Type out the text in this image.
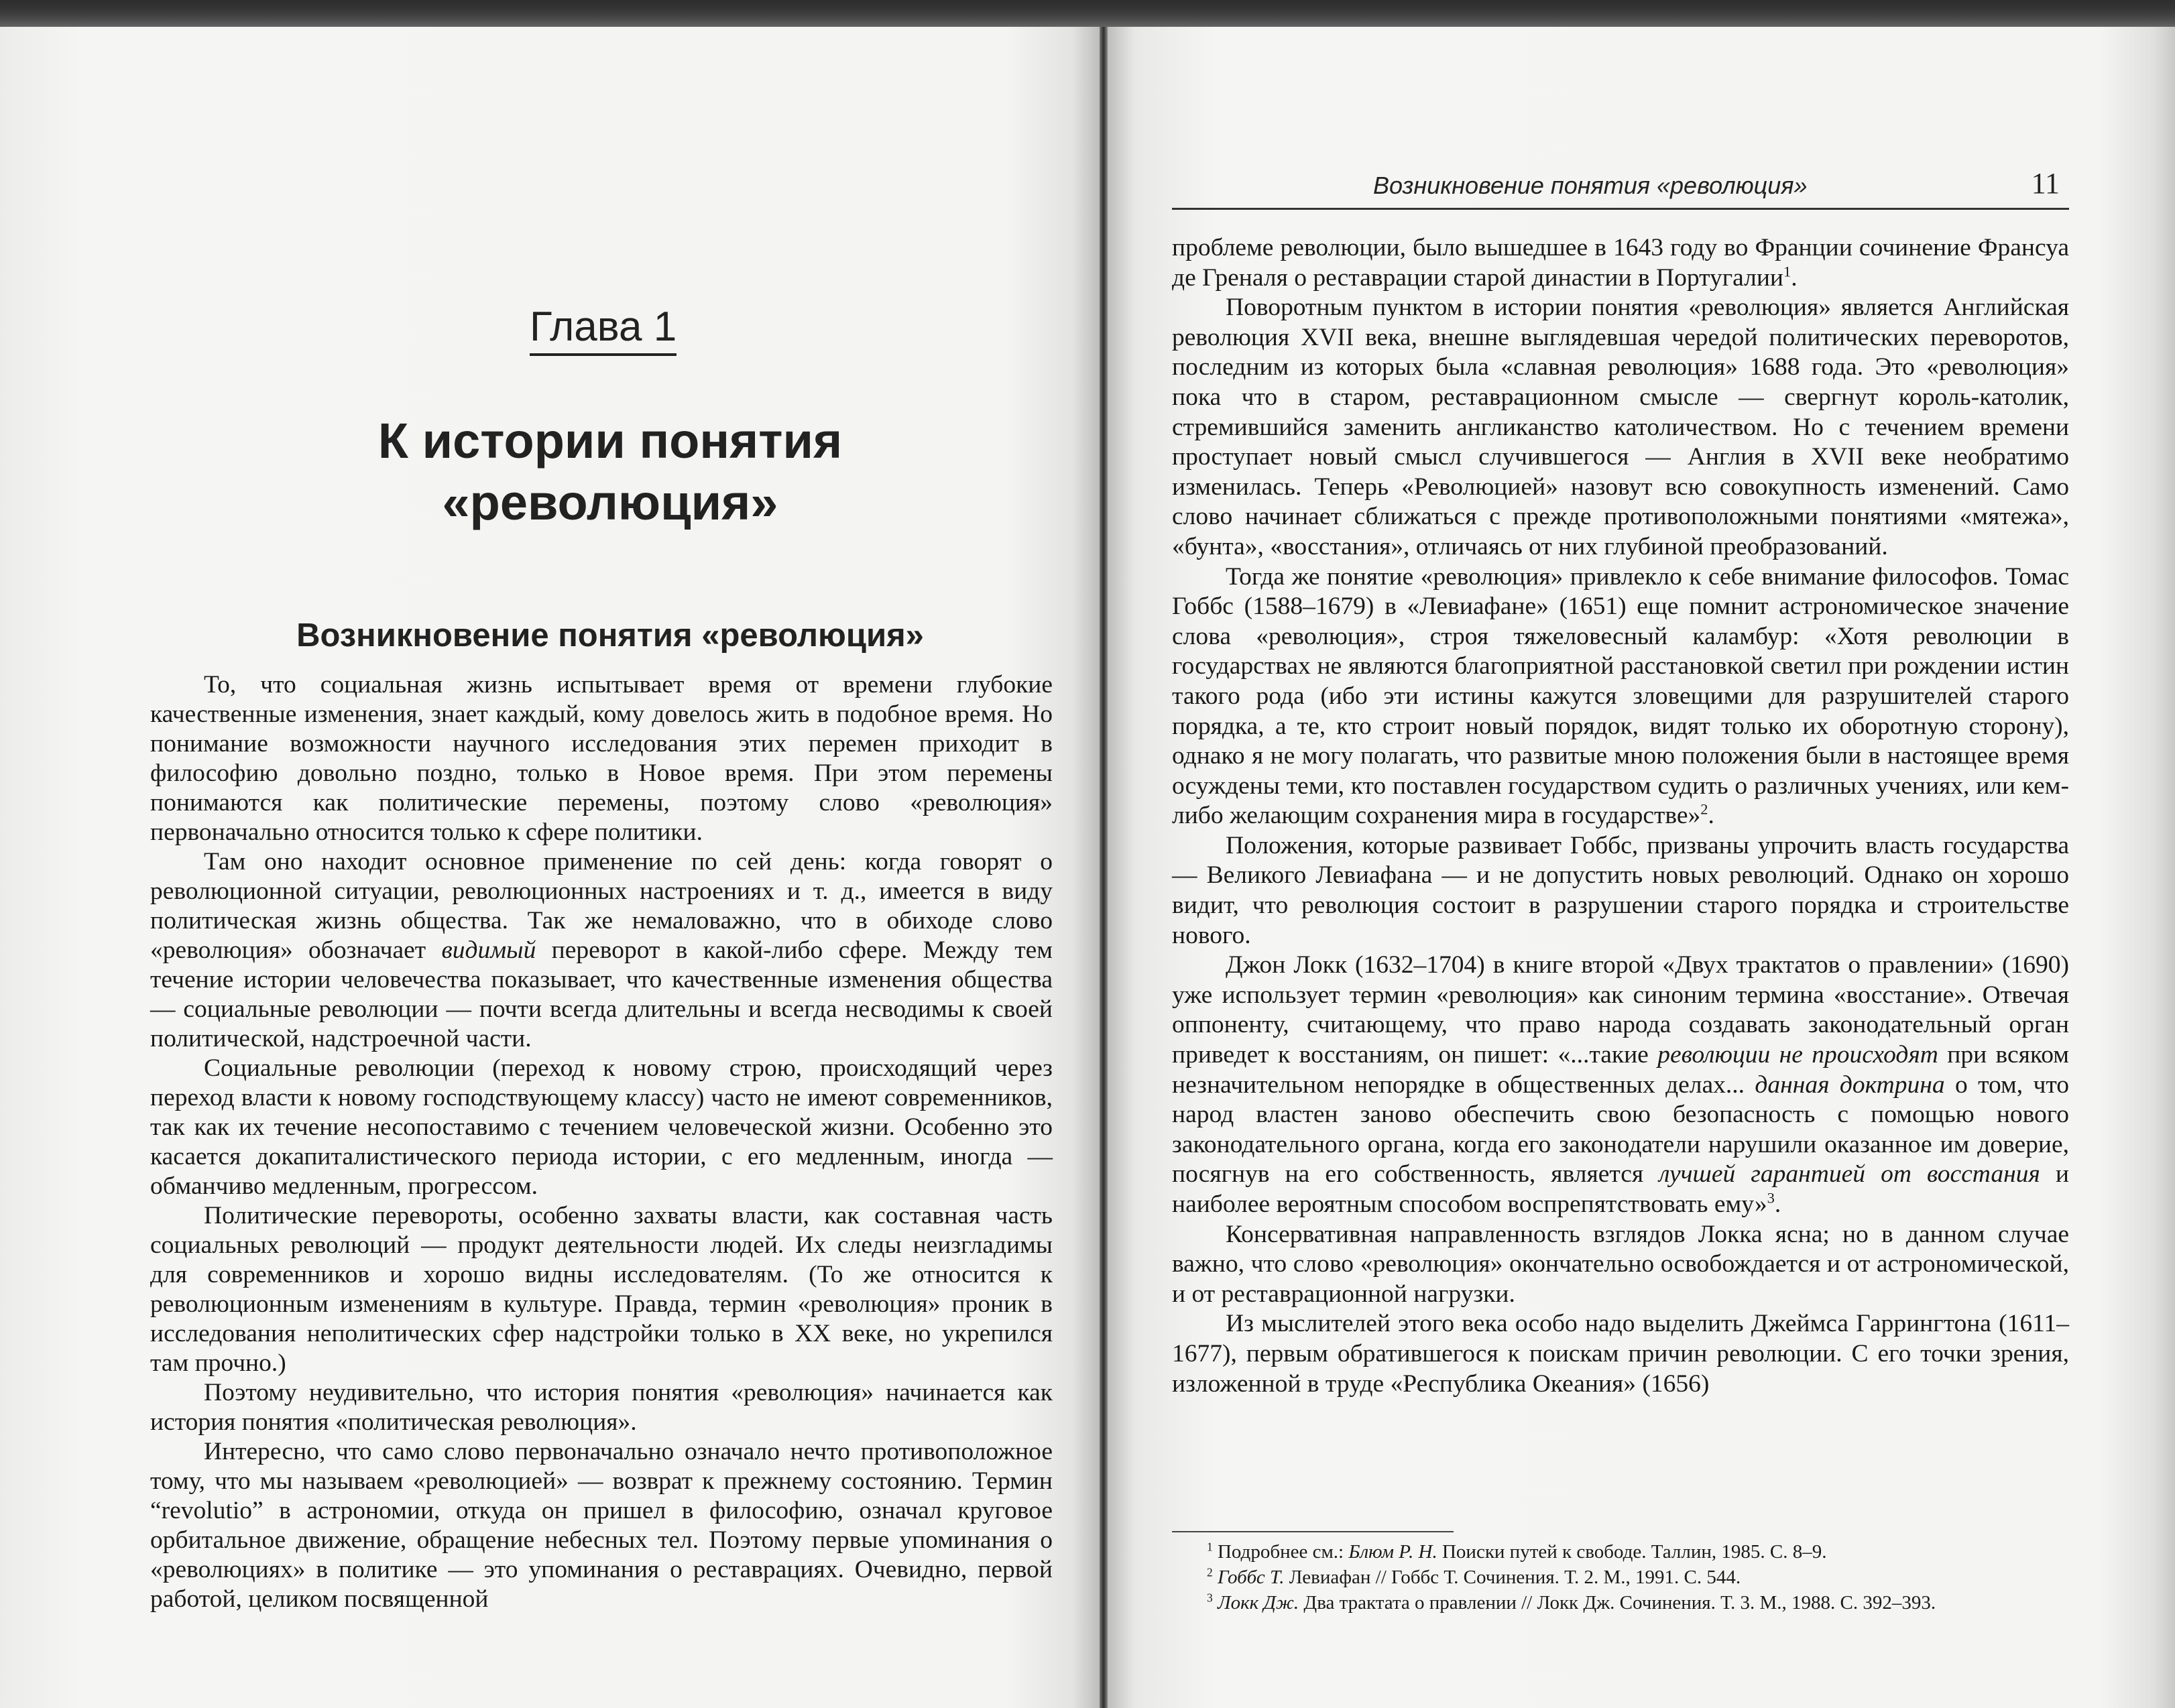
Глава 1
К истории понятия
«революция»
Возникновение понятия «революция»

То, что социальная жизнь испытывает время от времени глубокие качественные изменения, знает каждый, кому довелось жить в подобное время. Но понимание возможности научного исследования этих перемен приходит в философию довольно поздно, только в Новое время. При этом перемены понимаются как политические перемены, поэтому слово «революция» первоначально относится только к сфере политики.

Там оно находит основное применение по сей день: когда говорят о революционной ситуации, революционных настроениях и т. д., имеется в виду политическая жизнь общества. Так же немаловажно, что в обиходе слово «революция» обозначает видимый переворот в какой-либо сфере. Между тем течение истории человечества показывает, что качественные изменения общества — социальные революции — почти всегда длительны и всегда несводимы к своей политической, надстроечной части.

Социальные революции (переход к новому строю, происходящий через переход власти к новому господствующему классу) часто не имеют современников, так как их течение несопоставимо с течением человеческой жизни. Особенно это касается докапиталистического периода истории, с его медленным, иногда — обманчиво медленным, прогрессом.

Политические перевороты, особенно захваты власти, как составная часть социальных революций — продукт деятельности людей. Их следы неизгладимы для современников и хорошо видны исследователям. (То же относится к революционным изменениям в культуре. Правда, термин «революция» проник в исследования неполитических сфер надстройки только в XX веке, но укрепился там прочно.)

Поэтому неудивительно, что история понятия «революция» начинается как история понятия «политическая революция».

Интересно, что само слово первоначально означало нечто противоположное тому, что мы называем «революцией» — возврат к прежнему состоянию. Термин “revolutio” в астрономии, откуда он пришел в философию, означал круговое орбитальное движение, обращение небесных тел. Поэтому первые упоминания о «революциях» в политике — это упоминания о реставрациях. Очевидно, первой работой, целиком посвященной

Возникновение понятия «революция»	11

проблеме революции, было вышедшее в 1643 году во Франции сочинение Франсуа де Греналя о реставрации старой династии в Португалии$^1$.

Поворотным пунктом в истории понятия «революция» является Английская революция XVII века, внешне выглядевшая чередой политических переворотов, последним из которых была «славная революция» 1688 года. Это «революция» пока что в старом, реставрационном смысле — свергнут король-католик, стремившийся заменить англиканство католичеством. Но с течением времени проступает новый смысл случившегося — Англия в XVII веке необратимо изменилась. Теперь «Революцией» назовут всю совокупность изменений. Само слово начинает сближаться с прежде противоположными понятиями «мятежа», «бунта», «восстания», отличаясь от них глубиной преобразований.

Тогда же понятие «революция» привлекло к себе внимание философов. Томас Гоббс (1588–1679) в «Левиафане» (1651) еще помнит астрономическое значение слова «революция», строя тяжеловесный каламбур: «Хотя революции в государствах не являются благоприятной расстановкой светил при рождении истин такого рода (ибо эти истины кажутся зловещими для разрушителей старого порядка, а те, кто строит новый порядок, видят только их оборотную сторону), однако я не могу полагать, что развитые мною положения были в настоящее время осуждены теми, кто поставлен государством судить о различных учениях, или кем-либо желающим сохранения мира в государстве»$^2$.

Положения, которые развивает Гоббс, призваны упрочить власть государства — Великого Левиафана — и не допустить новых революций. Однако он хорошо видит, что революция состоит в разрушении старого порядка и строительстве нового.

Джон Локк (1632–1704) в книге второй «Двух трактатов о правлении» (1690) уже использует термин «революция» как синоним термина «восстание». Отвечая оппоненту, считающему, что право народа создавать законодательный орган приведет к восстаниям, он пишет: «...такие революции не происходят при всяком незначительном непорядке в общественных делах... данная доктрина о том, что народ властен заново обеспечить свою безопасность с помощью нового законодательного органа, когда его законодатели нарушили оказанное им доверие, посягнув на его собственность, является лучшей гарантией от восстания и наиболее вероятным способом воспрепятствовать ему»$^3$.

Консервативная направленность взглядов Локка ясна; но в данном случае важно, что слово «революция» окончательно освобождается и от астрономической, и от реставрационной нагрузки.

Из мыслителей этого века особо надо выделить Джеймса Гаррингтона (1611–1677), первым обратившегося к поискам причин революции. С его точки зрения, изложенной в труде «Республика Океания» (1656)

$^1$ Подробнее см.: Блюм Р. Н. Поиски путей к свободе. Таллин, 1985. С. 8–9.
$^2$ Гоббс Т. Левиафан // Гоббс Т. Сочинения. Т. 2. М., 1991. С. 544.
$^3$ Локк Дж. Два трактата о правлении // Локк Дж. Сочинения. Т. 3. М., 1988. С. 392–393.
